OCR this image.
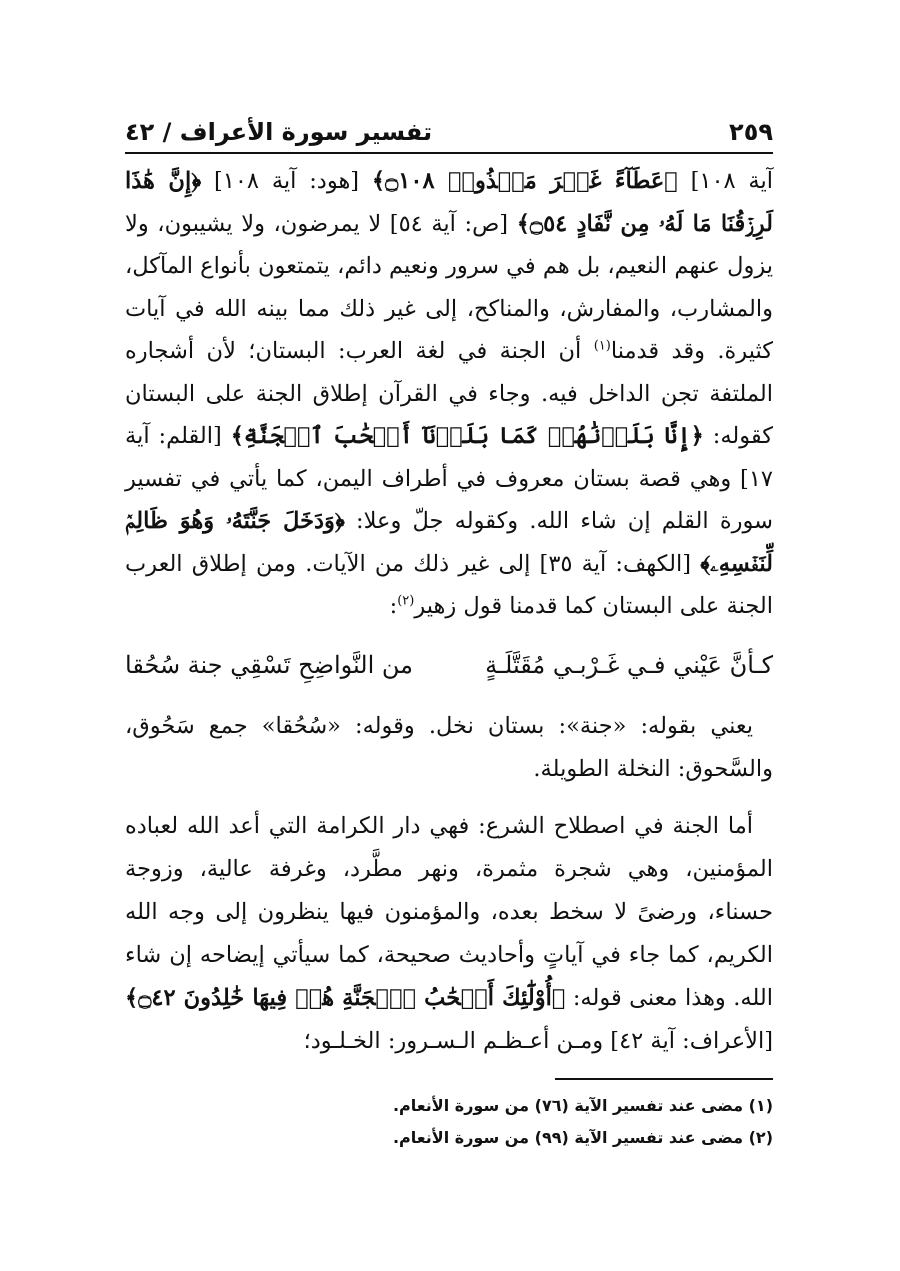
تفسير سورة الأعراف / ٤٢	٢٥٩

آية ١٠٨] ﴿عَطَآءً غَيۡرَ مَجۡذُوذٖ ۝١٠٨﴾ [هود: آية ١٠٨] ﴿إِنَّ هَٰذَا لَرِزۡقُنَا مَا لَهُۥ مِن نَّفَادٍ ۝٥٤﴾ [ص: آية ٥٤] لا يمرضون، ولا يشيبون، ولا يزول عنهم النعيم، بل هم في سرور ونعيم دائم، يتمتعون بأنواع المآكل، والمشارب، والمفارش، والمناكح، إلى غير ذلك مما بينه الله في آيات كثيرة. وقد قدمنا$^{(١)}$ أن الجنة في لغة العرب: البستان؛ لأن أشجاره الملتفة تجن الداخل فيه. وجاء في القرآن إطلاق الجنة على البستان كقوله: ﴿إِنَّا بَلَوۡنَٰهُمۡ كَمَا بَلَوۡنَآ أَصۡحَٰبَ ٱلۡجَنَّةِ﴾ [القلم: آية ١٧] وهي قصة بستان معروف في أطراف اليمن، كما يأتي في تفسير سورة القلم إن شاء الله. وكقوله جلّ وعلا: ﴿وَدَخَلَ جَنَّتَهُۥ وَهُوَ ظَالِمٞ لِّنَفۡسِهِۦ﴾ [الكهف: آية ٣٥] إلى غير ذلك من الآيات. ومن إطلاق العرب الجنة على البستان كما قدمنا قول زهير$^{(٢)}$:

كـأنَّ عَيْني فـي غَـرْبـي مُقَتَّلَـةٍ
من النَّواضِحِ تَسْقِي جنة سُحُقا

يعني بقوله: «جنة»: بستان نخل. وقوله: «سُحُقا» جمع سَحُوق، والسَّحوق: النخلة الطويلة.

أما الجنة في اصطلاح الشرع: فهي دار الكرامة التي أعد الله لعباده المؤمنين، وهي شجرة مثمرة، ونهر مطَّرد، وغرفة عالية، وزوجة حسناء، ورضىً لا سخط بعده، والمؤمنون فيها ينظرون إلى وجه الله الكريم، كما جاء في آياتٍ وأحاديث صحيحة، كما سيأتي إيضاحه إن شاء الله. وهذا معنى قوله: ﴿أُوْلَٰٓئِكَ أَصۡحَٰبُ ٱلۡجَنَّةِ هُمۡ فِيهَا خَٰلِدُونَ ۝٤٢﴾ [الأعراف: آية ٤٢] ومـن أعـظـم الـسـرور: الخـلـود؛

(١) مضى عند تفسير الآية (٧٦) من سورة الأنعام.
(٢) مضى عند تفسير الآية (٩٩) من سورة الأنعام.
